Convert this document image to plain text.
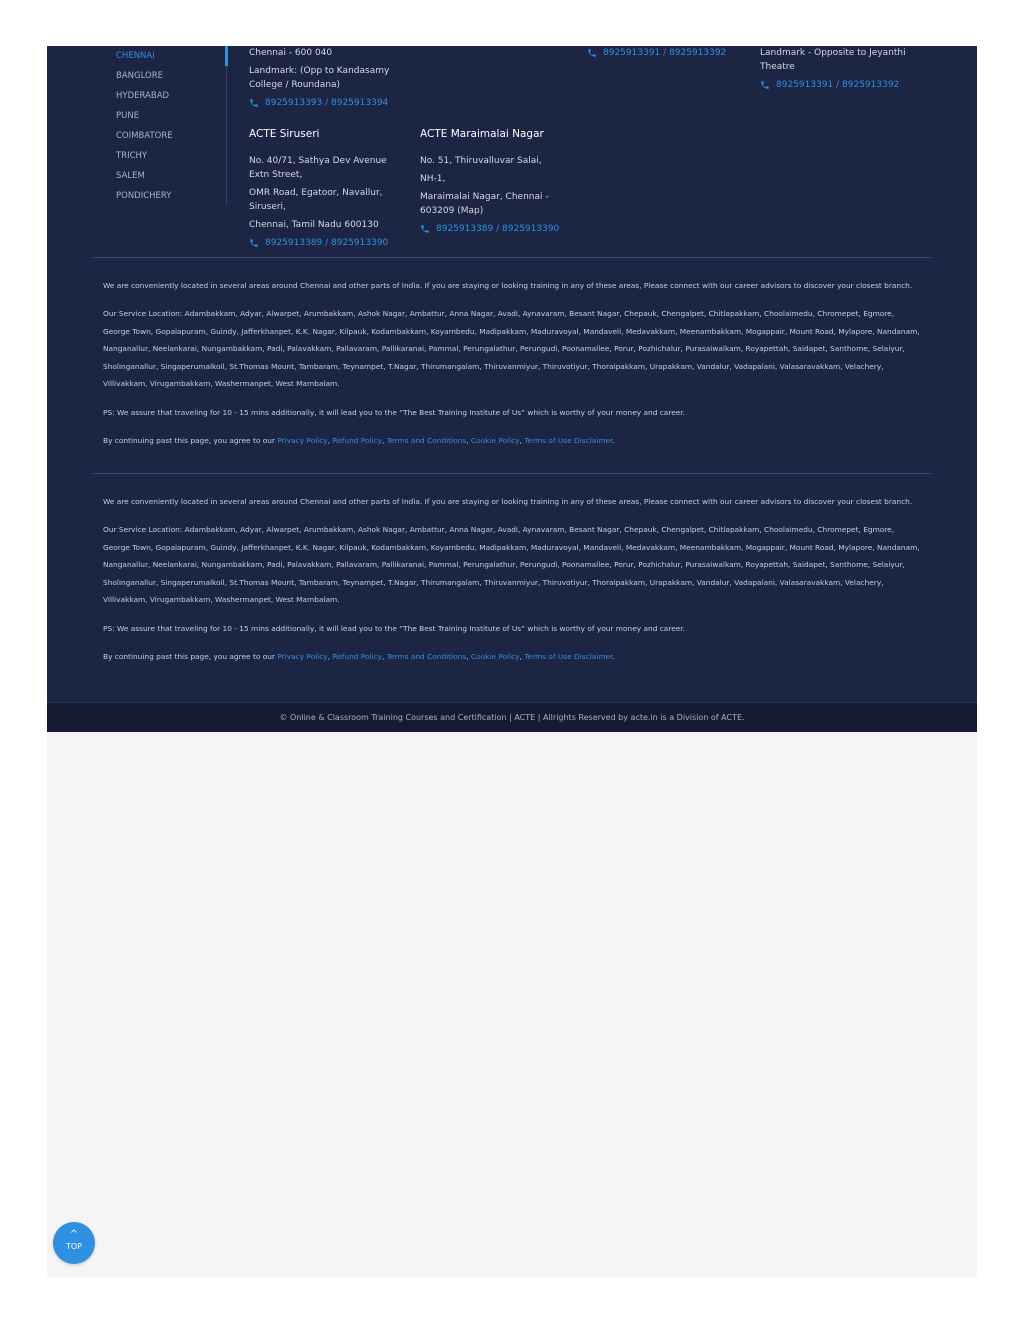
CHENNAI
BANGLORE
HYDERABAD
PUNE
COIMBATORE
TRICHY
SALEM
PONDICHERY
Chennai - 600 040
Landmark: (Opp to Kandasamy College / Roundana)
8925913393 / 8925913394
8925913391 / 8925913392	Landmark - Opposite to Jeyanthi Theatre
8925913391 / 8925913392
ACTE Siruseri
No. 40/71, Sathya Dev Avenue Extn Street,
OMR Road, Egatoor, Navallur, Siruseri,
Chennai, Tamil Nadu 600130
8925913389 / 8925913390
ACTE Maraimalai Nagar
No. 51, Thiruvalluvar Salai,
NH-1,
Maraimalai Nagar, Chennai - 603209 (Map)
8925913389 / 8925913390

We are conveniently located in several areas around Chennai and other parts of India. If you are staying or looking training in any of these areas, Please connect with our career advisors to discover your closest branch.

Our Service Location: Adambakkam, Adyar, Alwarpet, Arumbakkam, Ashok Nagar, Ambattur, Anna Nagar, Avadi, Aynavaram, Besant Nagar, Chepauk, Chengalpet, Chitlapakkam, Choolaimedu, Chromepet, Egmore, George Town, Gopalapuram, Guindy, Jafferkhanpet, K.K. Nagar, Kilpauk, Kodambakkam, Koyambedu, Madipakkam, Maduravoyal, Mandaveli, Medavakkam, Meenambakkam, Mogappair, Mount Road, Mylapore, Nandanam, Nanganallur, Neelankarai, Nungambakkam, Padi, Palavakkam, Pallavaram, Pallikaranai, Pammal, Perungalathur, Perungudi, Poonamallee, Porur, Pozhichalur, Purasaiwalkam, Royapettah, Saidapet, Santhome, Selaiyur, Sholinganallur, Singaperumalkoil, St.Thomas Mount, Tambaram, Teynampet, T.Nagar, Thirumangalam, Thiruvanmiyur, Thiruvotiyur, Thoraipakkam, Urapakkam, Vandalur, Vadapalani, Valasaravakkam, Velachery, Villivakkam, Virugambakkam, Washermanpet, West Mambalam.

PS: We assure that traveling for 10 - 15 mins additionally, it will lead you to the “The Best Training Institute of Us” which is worthy of your money and career.

By continuing past this page, you agree to our Privacy Policy, Refund Policy, Terms and Conditions, Cookie Policy, Terms of Use Disclaimer.

We are conveniently located in several areas around Chennai and other parts of India. If you are staying or looking training in any of these areas, Please connect with our career advisors to discover your closest branch.

Our Service Location: Adambakkam, Adyar, Alwarpet, Arumbakkam, Ashok Nagar, Ambattur, Anna Nagar, Avadi, Aynavaram, Besant Nagar, Chepauk, Chengalpet, Chitlapakkam, Choolaimedu, Chromepet, Egmore, George Town, Gopalapuram, Guindy, Jafferkhanpet, K.K. Nagar, Kilpauk, Kodambakkam, Koyambedu, Madipakkam, Maduravoyal, Mandaveli, Medavakkam, Meenambakkam, Mogappair, Mount Road, Mylapore, Nandanam, Nanganallur, Neelankarai, Nungambakkam, Padi, Palavakkam, Pallavaram, Pallikaranai, Pammal, Perungalathur, Perungudi, Poonamallee, Porur, Pozhichalur, Purasaiwalkam, Royapettah, Saidapet, Santhome, Selaiyur, Sholinganallur, Singaperumalkoil, St.Thomas Mount, Tambaram, Teynampet, T.Nagar, Thirumangalam, Thiruvanmiyur, Thiruvotiyur, Thoraipakkam, Urapakkam, Vandalur, Vadapalani, Valasaravakkam, Velachery, Villivakkam, Virugambakkam, Washermanpet, West Mambalam.

PS: We assure that traveling for 10 - 15 mins additionally, it will lead you to the “The Best Training Institute of Us” which is worthy of your money and career.

By continuing past this page, you agree to our Privacy Policy, Refund Policy, Terms and Conditions, Cookie Policy, Terms of Use Disclaimer.

© Online & Classroom Training Courses and Certification | ACTE | Allrights Reserved by acte.in is a Division of ACTE.
^
TOP
